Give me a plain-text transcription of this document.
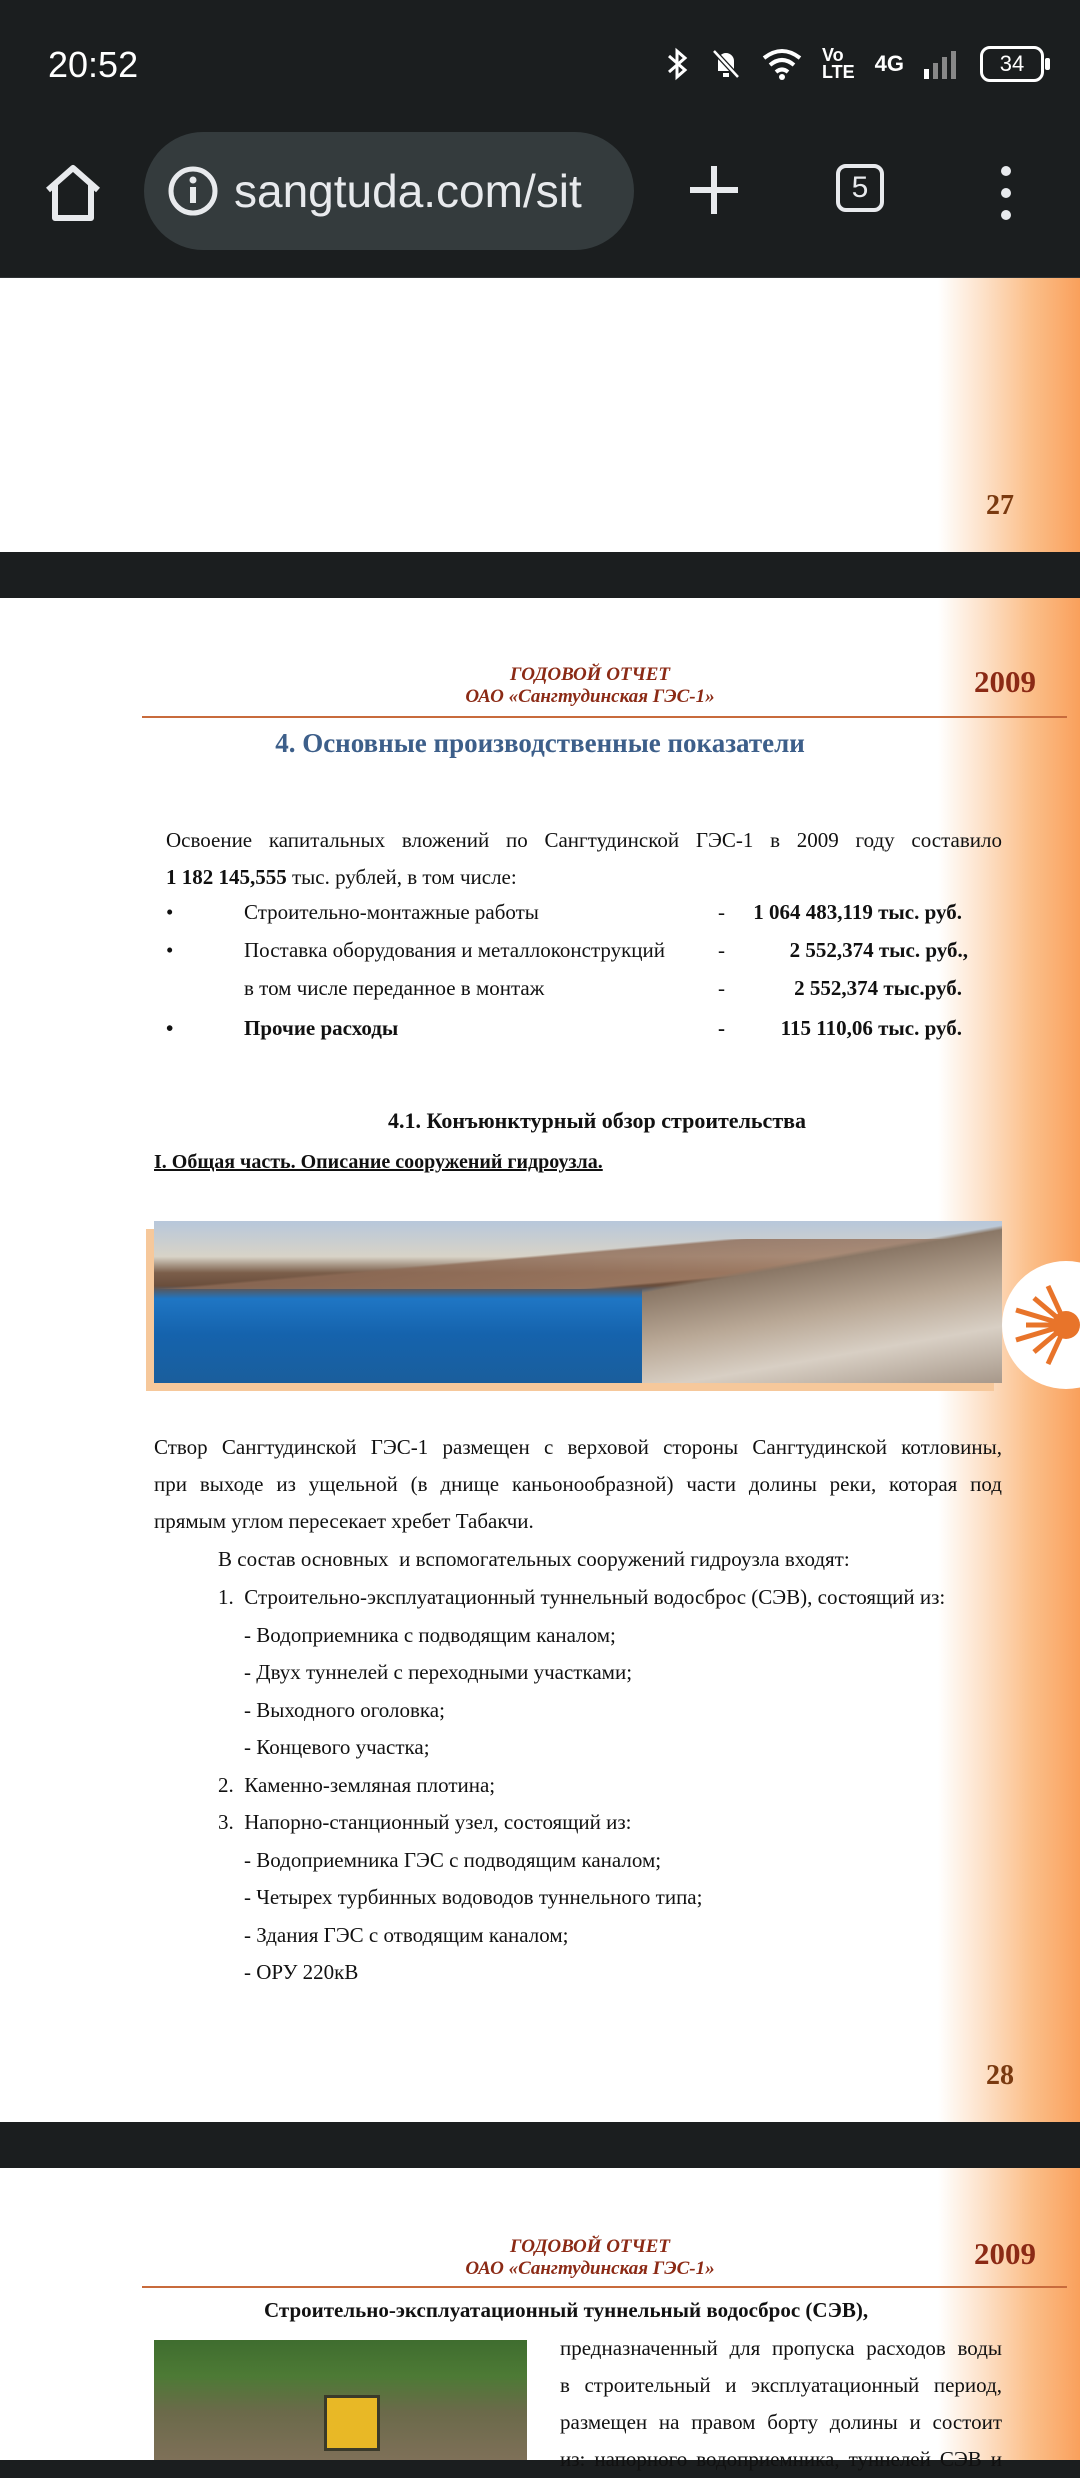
20:52	Vo
LTE 4G	34
sangtuda.com/sit	5
27
ГОДОВОЙ ОТЧЕТ
ОАО «Сангтудинская ГЭС-1»	2009
4. Основные производственные показатели
Освоение капитальных вложений по Сангтудинской ГЭС-1 в 2009 году составило
1 182 145,555 тыс. рублей, в том числе:
•	Строительно-монтажные работы	- 1 064 483,119 тыс. руб.
•	Поставка оборудования и металлоконструкций	-	2 552,374 тыс. руб.,
в том числе переданное в монтаж	-	2 552,374 тыс.руб.
•	Прочие расходы	-	115 110,06 тыс. руб.
4.1. Конъюнктурный обзор строительства
I. Общая часть. Описание сооружений гидроузла.
Створ Сангтудинской ГЭС-1 размещен с верховой стороны Сангтудинской котловины,
при выходе из ущельной (в днище каньонообразной) части долины реки, которая под
прямым углом пересекает хребет Табакчи.
В состав основных  и вспомогательных сооружений гидроузла входят:
1.  Строительно-эксплуатационный туннельный водосброс (СЭВ), состоящий из:
- Водоприемника с подводящим каналом;
- Двух туннелей с переходными участками;
- Выходного оголовка;
- Концевого участка;
2.  Каменно-земляная плотина;
3.  Напорно-станционный узел, состоящий из:
- Водоприемника ГЭС с подводящим каналом;
- Четырех турбинных водоводов туннельного типа;
- Здания ГЭС с отводящим каналом;
- ОРУ 220кВ
28
ГОДОВОЙ ОТЧЕТ
ОАО «Сангтудинская ГЭС-1»	2009
Строительно-эксплуатационный туннельный водосброс (СЭВ),
предназначенный для пропуска расходов воды
в строительный и эксплуатационный период,
размещен на правом борту долины и состоит
из: напорного водоприемника, туннелей СЭВ и
